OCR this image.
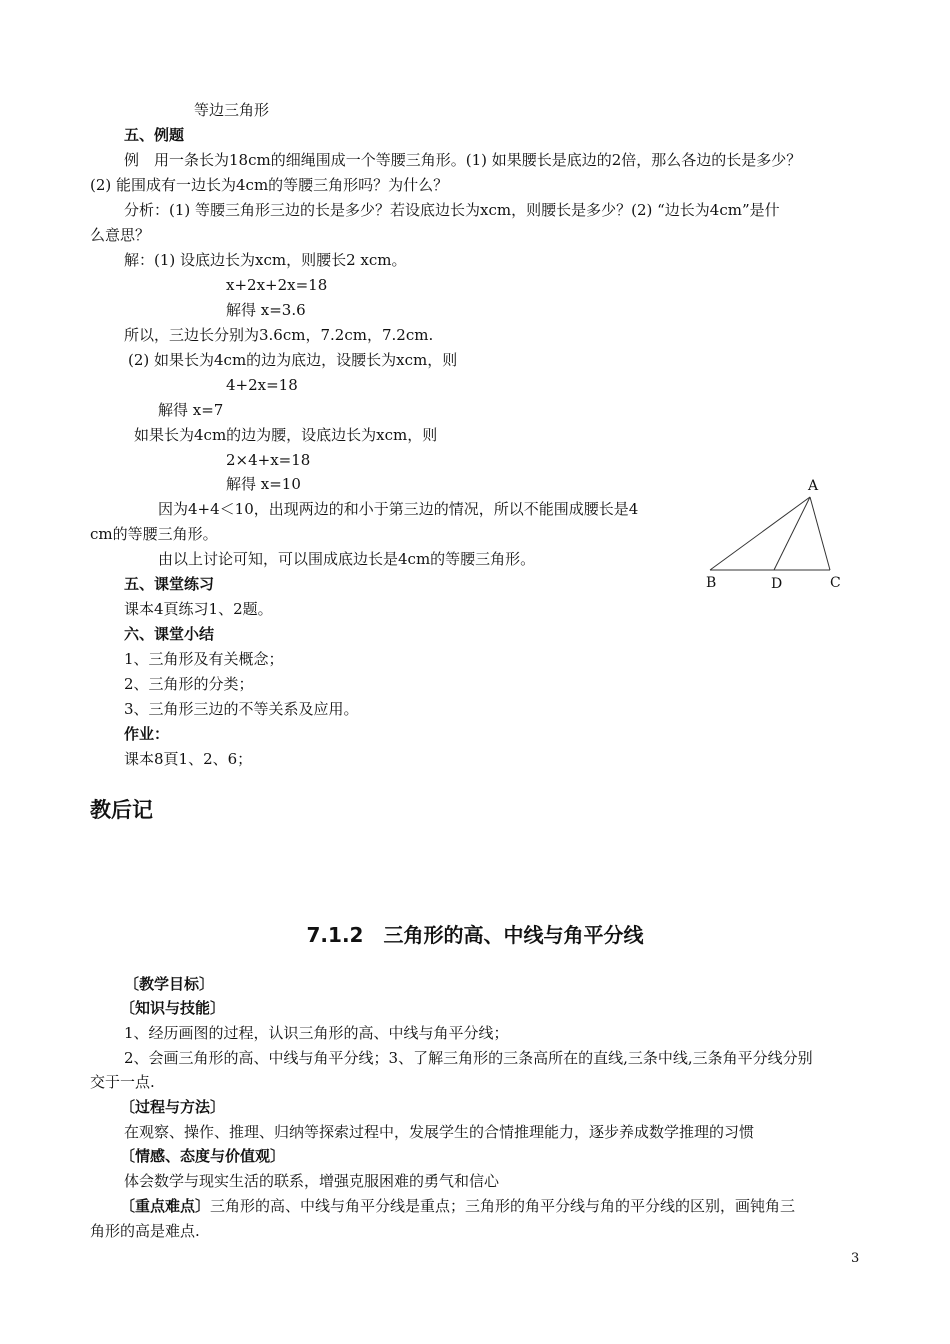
等边三角形
五、例题
例　用一条长为18cm的细绳围成一个等腰三角形。(1) 如果腰长是底边的2倍，那么各边的长是多少？
(2) 能围成有一边长为4cm的等腰三角形吗？为什么？
分析：(1) 等腰三角形三边的长是多少？若设底边长为xcm，则腰长是多少？(2) “边长为4cm”是什
么意思？
解：(1) 设底边长为xcm，则腰长2 xcm。
x+2x+2x=18
解得 x=3.6
所以，三边长分别为3.6cm，7.2cm，7.2cm.
(2) 如果长为4cm的边为底边，设腰长为xcm，则
4+2x=18
解得 x=7
如果长为4cm的边为腰，设底边长为xcm，则
2×4+x=18
解得 x=10
因为4+4＜10，出现两边的和小于第三边的情况，所以不能围成腰长是4
cm的等腰三角形。
由以上讨论可知，可以围成底边长是4cm的等腰三角形。
五、课堂练习
课本4頁练习1、2题。
六、课堂小结
1、三角形及有关概念；
2、三角形的分类；
3、三角形三边的不等关系及应用。
作业：
课本8頁1、2、6；
教后记
7.1.2　三角形的高、中线与角平分线
〔教学目标〕
〔知识与技能〕
1、经历画图的过程，认识三角形的高、中线与角平分线；
2、会画三角形的高、中线与角平分线；3、了解三角形的三条高所在的直线,三条中线,三条角平分线分别
交于一点.
〔过程与方法〕
在观察、操作、推理、归纳等探索过程中，发展学生的合情推理能力，逐步养成数学推理的习惯
〔情感、态度与价值观〕
体会数学与现实生活的联系，增强克服困难的勇气和信心
〔重点难点〕三角形的高、中线与角平分线是重点；三角形的角平分线与角的平分线的区别，画钝角三
角形的高是难点.
3
A
B	D	C
